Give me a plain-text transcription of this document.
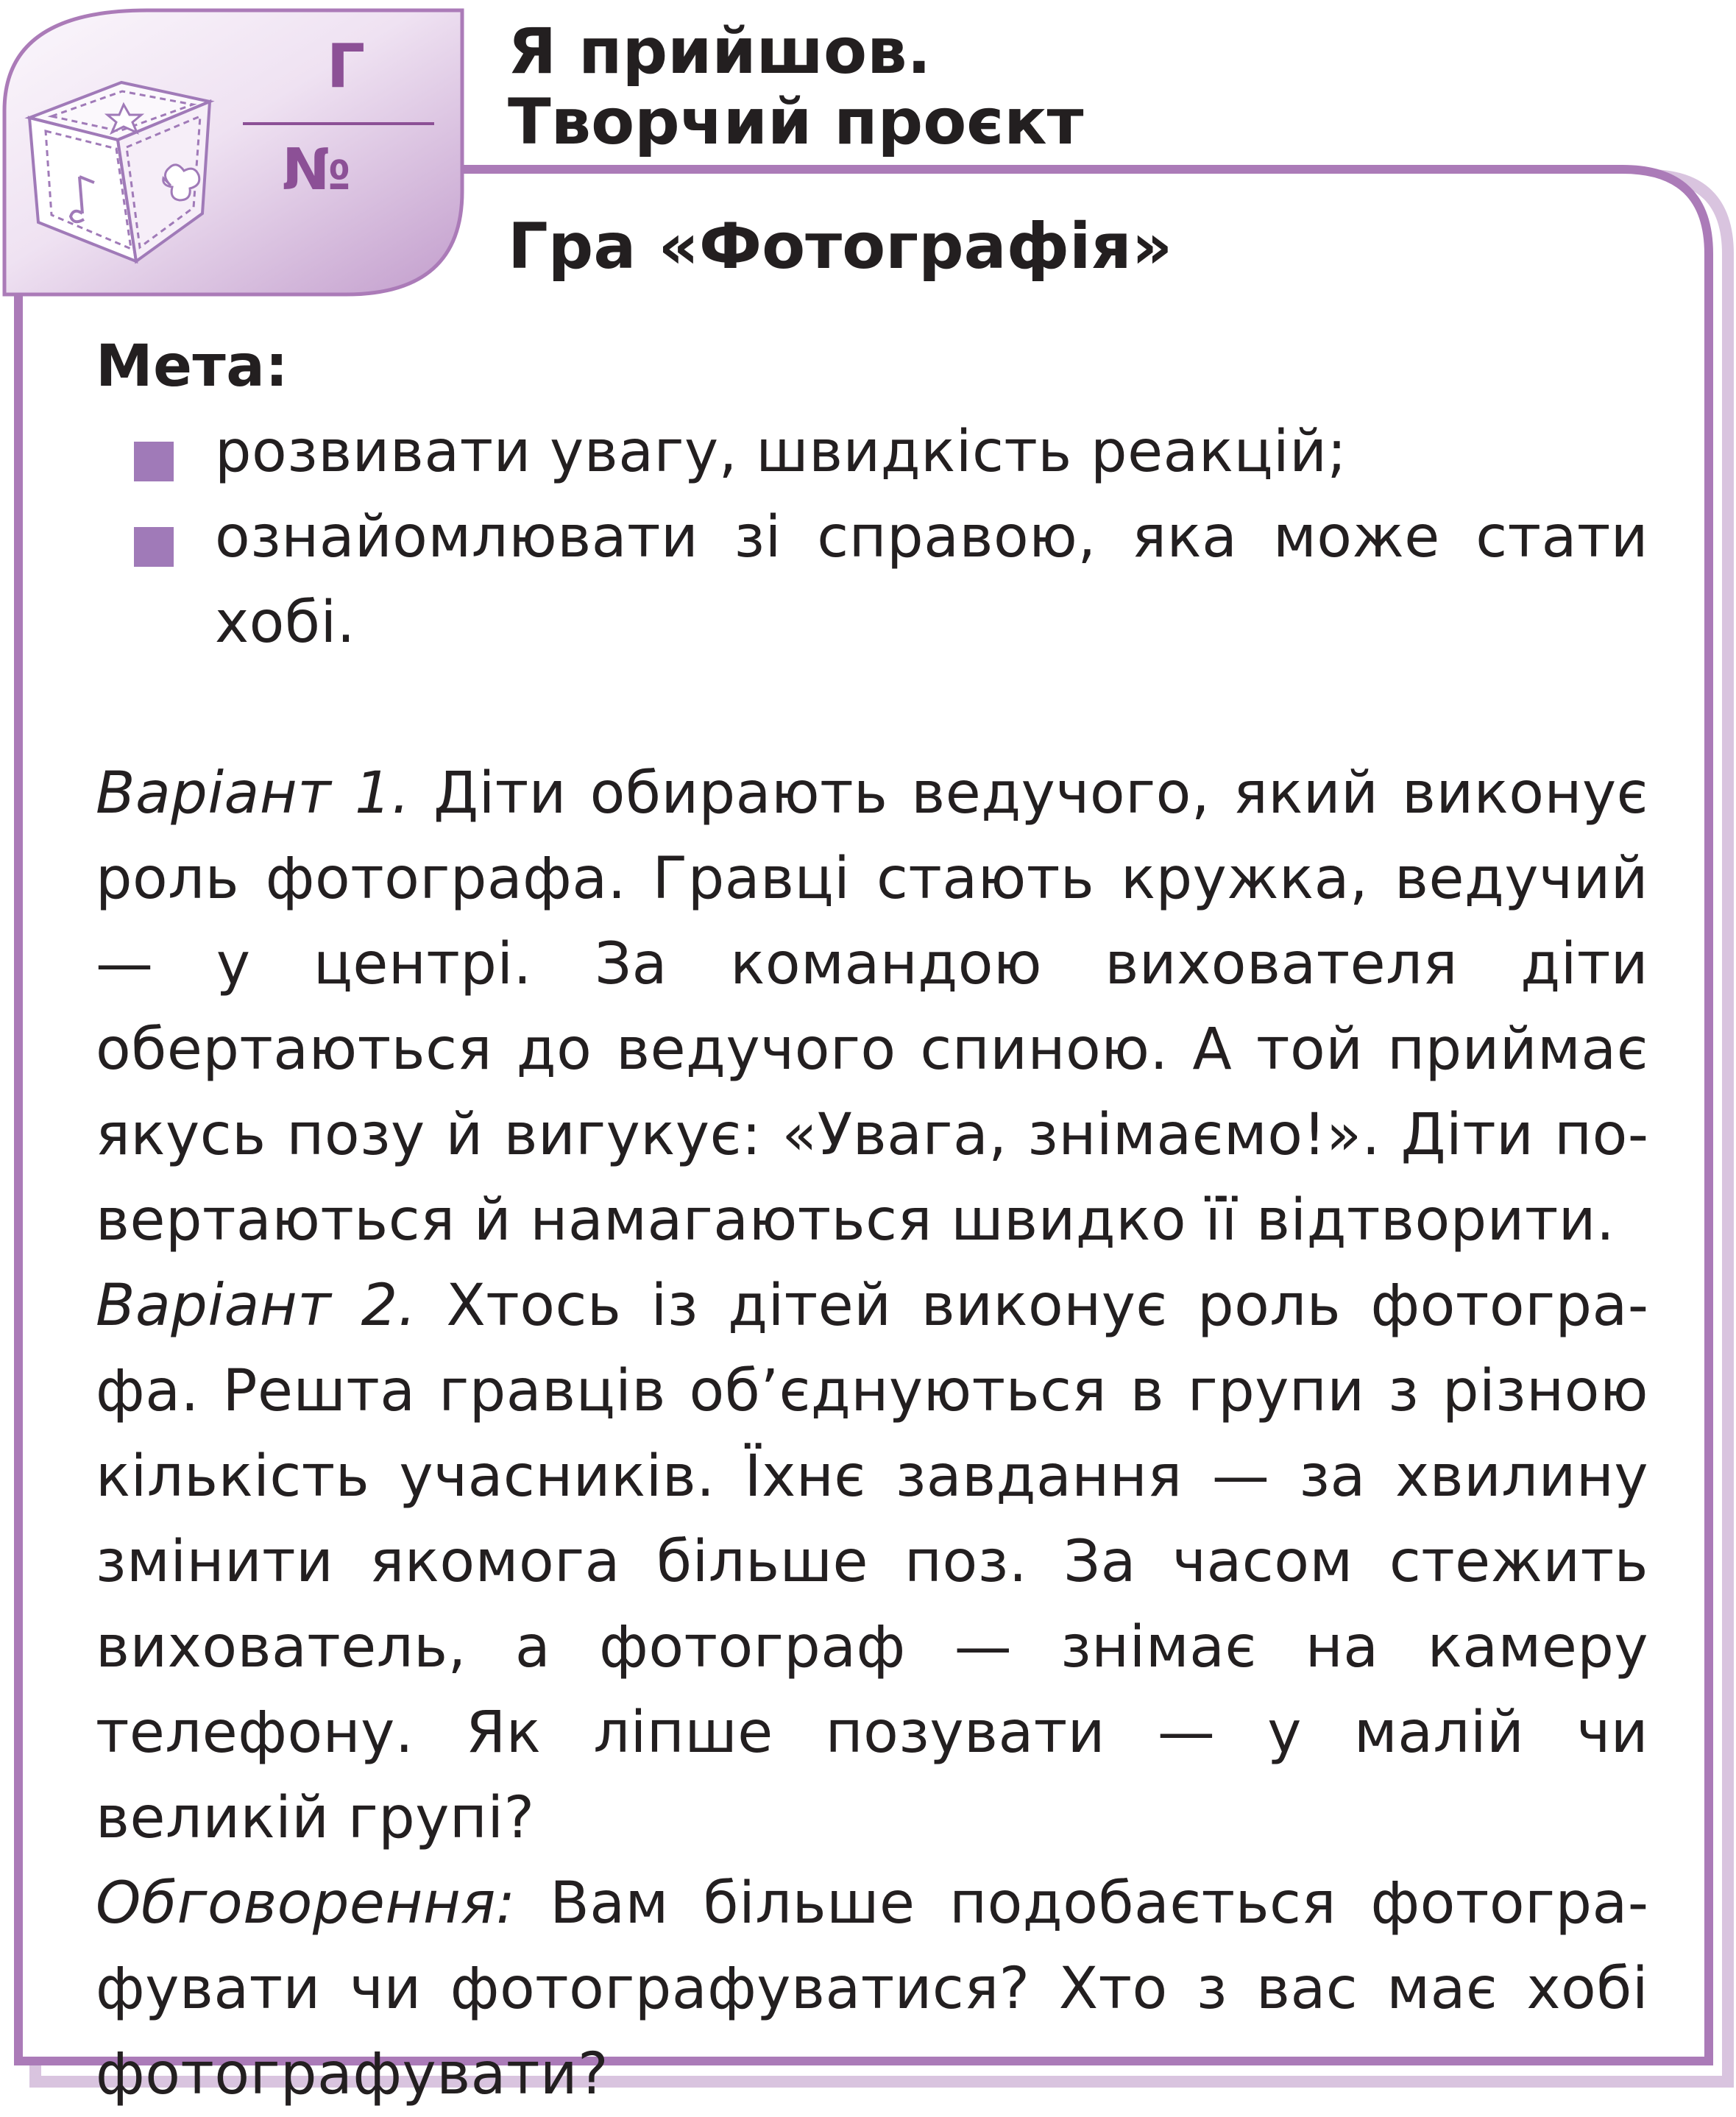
Г
№
Я прийшов.
Творчий проєкт
Гра «Фотографія»
Мета:
розвивати увагу, швидкість реакцій;
ознайомлювати зі справою, яка може стати хобі.

Варіант 1. Діти обирають ведучого, який виконує роль фотографа. Гравці стають кружка, ведучий — у центрі. За командою вихователя діти обертаються до ведучого спиною. А той приймає якусь позу й вигукує: «Увага, знімаємо!». Діти повертаються й намагаються швидко її відтворити.

Варіант 2. Хтось із дітей виконує роль фотографа. Решта гравців об’єднуються в групи з різною кількість учасників. Їхнє завдання — за хвилину змінити якомога більше поз. За часом стежить вихователь, а фотограф — знімає на камеру телефону. Як ліпше позувати — у малій чи великій групі?

Обговорення: Вам більше подобається фотографувати чи фотографуватися? Хто з вас має хобі фотографувати?
